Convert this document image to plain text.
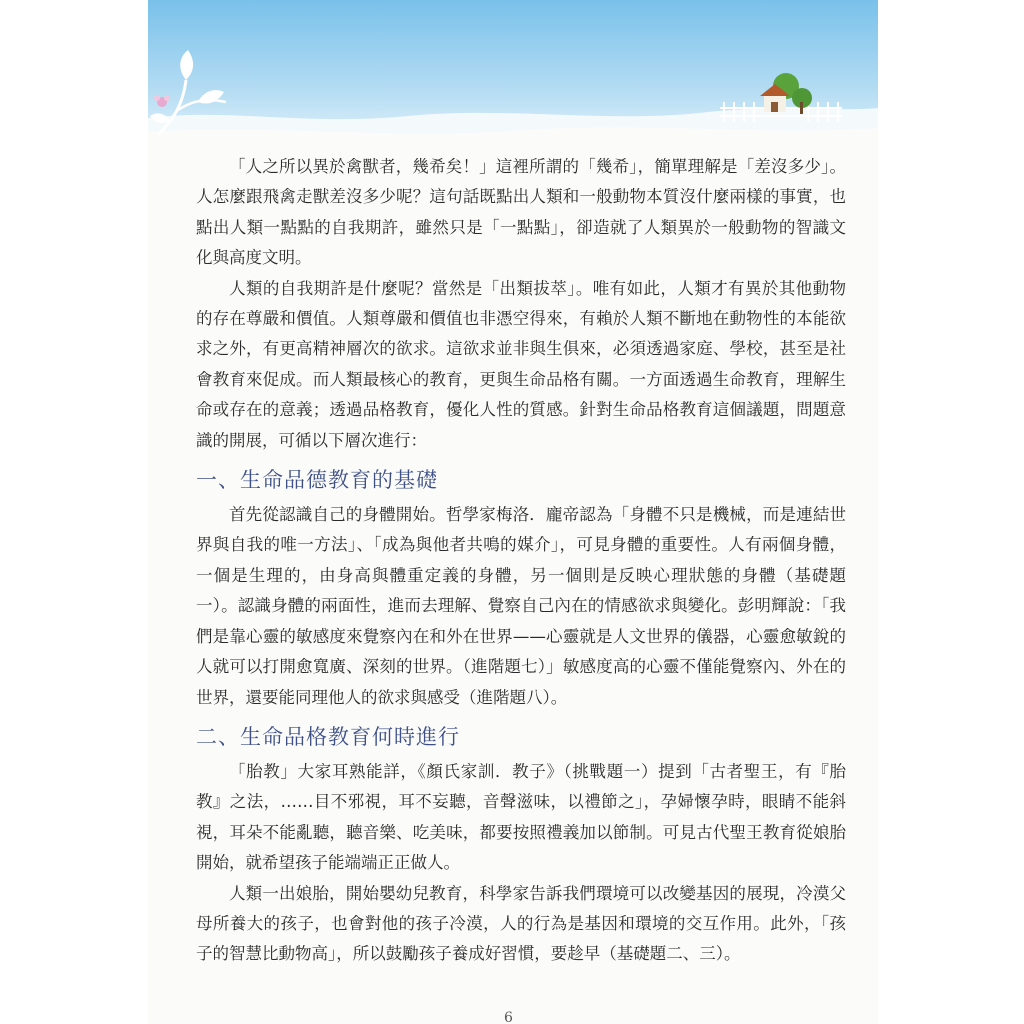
「人之所以異於禽獸者，幾希矣！」這裡所謂的「幾希」，簡單理解是「差沒多少」。人怎麼跟飛禽走獸差沒多少呢？這句話既點出人類和一般動物本質沒什麼兩樣的事實，也點出人類一點點的自我期許，雖然只是「一點點」，卻造就了人類異於一般動物的智識文化與高度文明。

人類的自我期許是什麼呢？當然是「出類拔萃」。唯有如此，人類才有異於其他動物的存在尊嚴和價值。人類尊嚴和價值也非憑空得來，有賴於人類不斷地在動物性的本能欲求之外，有更高精神層次的欲求。這欲求並非與生俱來，必須透過家庭、學校，甚至是社會教育來促成。而人類最核心的教育，更與生命品格有關。一方面透過生命教育，理解生命或存在的意義；透過品格教育，優化人性的質感。針對生命品格教育這個議題，問題意識的開展，可循以下層次進行：

一、生命品德教育的基礎

首先從認識自己的身體開始。哲學家梅洛．龐帝認為「身體不只是機械，而是連結世界與自我的唯一方法」、「成為與他者共鳴的媒介」，可見身體的重要性。人有兩個身體，一個是生理的，由身高與體重定義的身體，另一個則是反映心理狀態的身體（基礎題一）。認識身體的兩面性，進而去理解、覺察自己內在的情感欲求與變化。彭明輝說：「我們是靠心靈的敏感度來覺察內在和外在世界——心靈就是人文世界的儀器，心靈愈敏銳的人就可以打開愈寬廣、深刻的世界。（進階題七）」敏感度高的心靈不僅能覺察內、外在的世界，還要能同理他人的欲求與感受（進階題八）。

二、生命品格教育何時進行

「胎教」大家耳熟能詳，《顏氏家訓．教子》（挑戰題一）提到「古者聖王，有『胎教』之法，……目不邪視，耳不妄聽，音聲滋味，以禮節之」，孕婦懷孕時，眼睛不能斜視，耳朵不能亂聽，聽音樂、吃美味，都要按照禮義加以節制。可見古代聖王教育從娘胎開始，就希望孩子能端端正正做人。

人類一出娘胎，開始嬰幼兒教育，科學家告訴我們環境可以改變基因的展現，冷漠父母所養大的孩子，也會對他的孩子冷漠，人的行為是基因和環境的交互作用。此外，「孩子的智慧比動物高」，所以鼓勵孩子養成好習慣，要趁早（基礎題二、三）。

6
